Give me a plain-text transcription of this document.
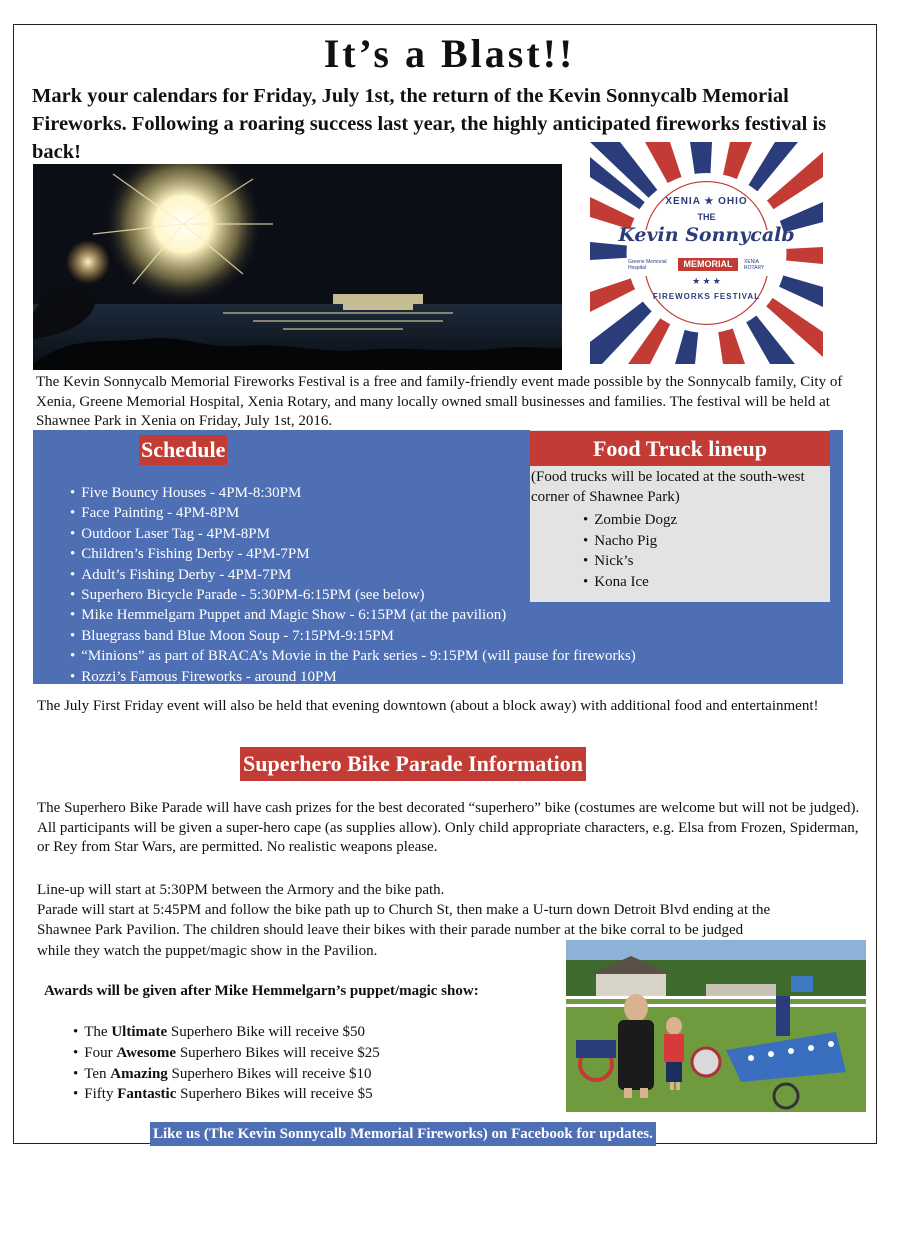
It’s a Blast!!
Mark your calendars for Friday, July 1st, the return of the Kevin Sonnycalb Memorial Fireworks. Following a roaring success last year, the highly anticipated fireworks festival is back!
XENIA ★ OHIO
THE
Kevin Sonnycalb
Greene Memorial Hospital	MEMORIAL	XENIA ROTARY
★ ★ ★
FIREWORKS FESTIVAL
The Kevin Sonnycalb Memorial Fireworks Festival is a free and family-friendly event made possible by the Sonnycalb family, City of Xenia, Greene Memorial Hospital, Xenia Rotary, and many locally owned small businesses and families. The festival will be held at Shawnee Park in Xenia on Friday, July 1st, 2016.
Schedule
• Five Bouncy Houses - 4PM-8:30PM
• Face Painting - 4PM-8PM
• Outdoor Laser Tag - 4PM-8PM
• Children’s Fishing Derby - 4PM-7PM
• Adult’s Fishing Derby - 4PM-7PM
• Superhero Bicycle Parade - 5:30PM-6:15PM (see below)
• Mike Hemmelgarn Puppet and Magic Show - 6:15PM (at the pavilion)
• Bluegrass band Blue Moon Soup - 7:15PM-9:15PM
• “Minions” as part of BRACA’s Movie in the Park series - 9:15PM (will pause for fireworks)
• Rozzi’s Famous Fireworks - around 10PM
Food Truck lineup
(Food trucks will be located at the south-west corner of Shawnee Park)
• Zombie Dogz
• Nacho Pig
• Nick’s
• Kona Ice
The July First Friday event will also be held that evening downtown (about a block away) with additional food and entertainment!
Superhero Bike Parade Information
The Superhero Bike Parade will have cash prizes for the best decorated “superhero” bike (costumes are welcome but will not be judged). All participants will be given a super-hero cape (as supplies allow). Only child appropriate characters, e.g. Elsa from Frozen, Spiderman, or Rey from Star Wars, are permitted. No realistic weapons please.
Line-up will start at 5:30PM between the Armory and the bike path.
Parade will start at 5:45PM and follow the bike path up to Church St, then make a U-turn down Detroit Blvd ending at the
Shawnee Park Pavilion. The children should leave their bikes with their parade number at the bike corral to be judged
while they watch the puppet/magic show in the Pavilion.
Awards will be given after Mike Hemmelgarn’s puppet/magic show:
• The Ultimate Superhero Bike will receive $50
• Four Awesome Superhero Bikes will receive $25
• Ten Amazing Superhero Bikes will receive $10
• Fifty Fantastic Superhero Bikes will receive $5
Like us (The Kevin Sonnycalb Memorial Fireworks) on Facebook for updates.
